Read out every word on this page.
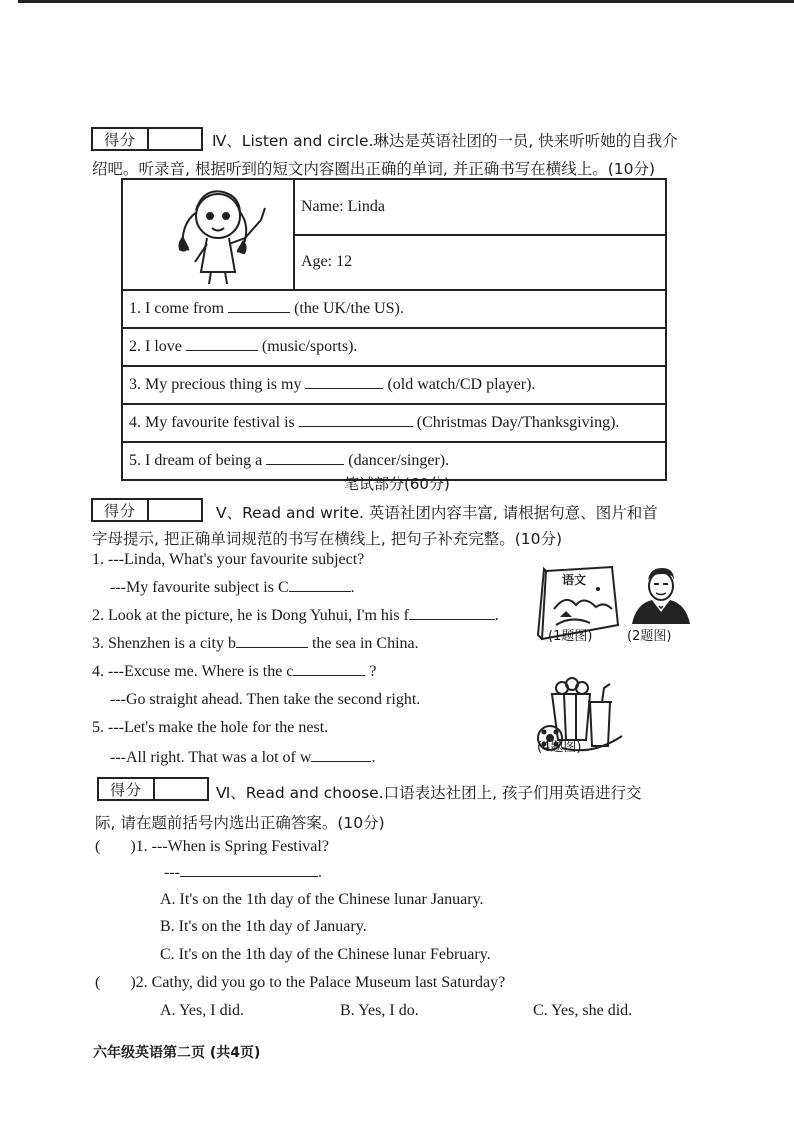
得分	Ⅳ、Listen and circle.琳达是英语社团的一员, 快来听听她的自我介
绍吧。听录音, 根据听到的短文内容圈出正确的单词, 并正确书写在横线上。(10分)
	Name: Linda
Age: 12
1. I come from	(the UK/the US).
2. I love	(music/sports).
3. My precious thing is my	(old watch/CD player).
4. My favourite festival is	(Christmas Day/Thanksgiving).
5. I dream of being a	(dancer/singer).
笔试部分(60分)
得分	Ⅴ、Read and write. 英语社团内容丰富, 请根据句意、图片和首
字母提示, 把正确单词规范的书写在横线上, 把句子补充完整。(10分)
1. ---Linda, What's your favourite subject?
---My favourite subject is C	.
2. Look at the picture, he is Dong Yuhui, I'm his f	.
3. Shenzhen is a city b	the sea in China.
4. ---Excuse me. Where is the c	?
---Go straight ahead. Then take the second right.
5. ---Let's make the hole for the nest.
---All right. That was a lot of w	.
语文
(1题图)	(2题图)
(4题图)
得分	Ⅵ、Read and choose.口语表达社团上, 孩子们用英语进行交
际, 请在题前括号内选出正确答案。(10分)
( )1. ---When is Spring Festival?
---	.
A. It's on the 1th day of the Chinese lunar January.
B. It's on the 1th day of January.
C. It's on the 1th day of the Chinese lunar February.
( )2. Cathy, did you go to the Palace Museum last Saturday?
A. Yes, I did.	B. Yes, I do.	C. Yes, she did.
六年级英语第二页 (共4页)
